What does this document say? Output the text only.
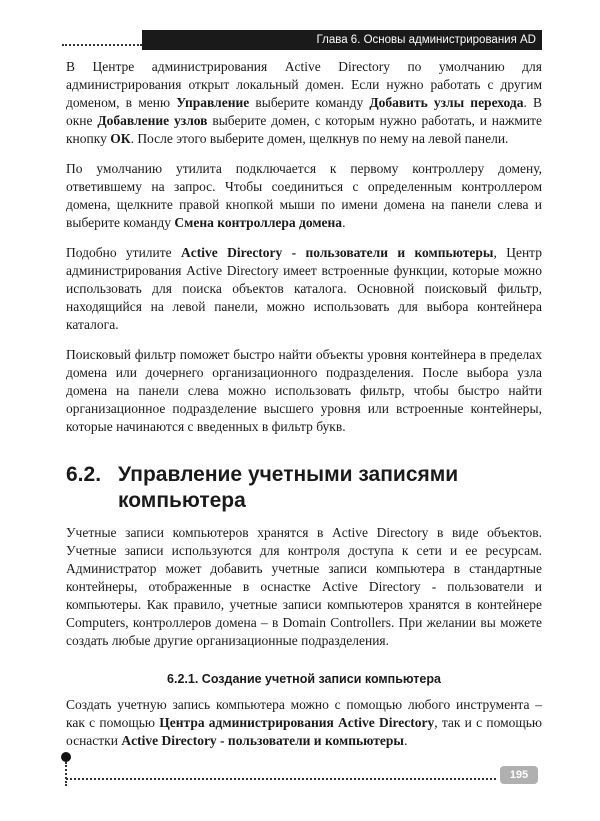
Глава 6. Основы администрирования AD

В Центре администрирования Active Directory по умолчанию для администрирования открыт локальный домен. Если нужно работать с другим доменом, в меню Управление выберите команду Добавить узлы перехода. В окне Добавление узлов выберите домен, с которым нужно работать, и нажмите кнопку ОК. После этого выберите домен, щелкнув по нему на левой панели.

По умолчанию утилита подключается к первому контроллеру домену, ответившему на запрос. Чтобы соединиться с определенным контроллером домена, щелкните правой кнопкой мыши по имени домена на панели слева и выберите команду Смена контроллера домена.

Подобно утилите Active Directory - пользователи и компьютеры, Центр администрирования Active Directory имеет встроенные функции, которые можно использовать для поиска объектов каталога. Основной поисковый фильтр, находящийся на левой панели, можно использовать для выбора контейнера каталога.

Поисковый фильтр поможет быстро найти объекты уровня контейнера в пределах домена или дочернего организационного подразделения. После выбора узла домена на панели слева можно использовать фильтр, чтобы быстро найти организационное подразделение высшего уровня или встроенные контейнеры, которые начинаются с введенных в фильтр букв.

6.2. Управление учетными записями
компьютера

Учетные записи компьютеров хранятся в Active Directory в виде объектов. Учетные записи используются для контроля доступа к сети и ее ресурсам. Администратор может добавить учетные записи компьютера в стандартные контейнеры, отображенные в оснастке Active Directory - пользователи и компьютеры. Как правило, учетные записи компьютеров хранятся в контейнере Computers, контроллеров домена – в Domain Controllers. При желании вы можете создать любые другие организационные подразделения.

6.2.1. Создание учетной записи компьютера

Создать учетную запись компьютера можно с помощью любого инструмента – как с помощью Центра администрирования Active Directory, так и с помощью оснастки Active Directory - пользователи и компьютеры.

195
